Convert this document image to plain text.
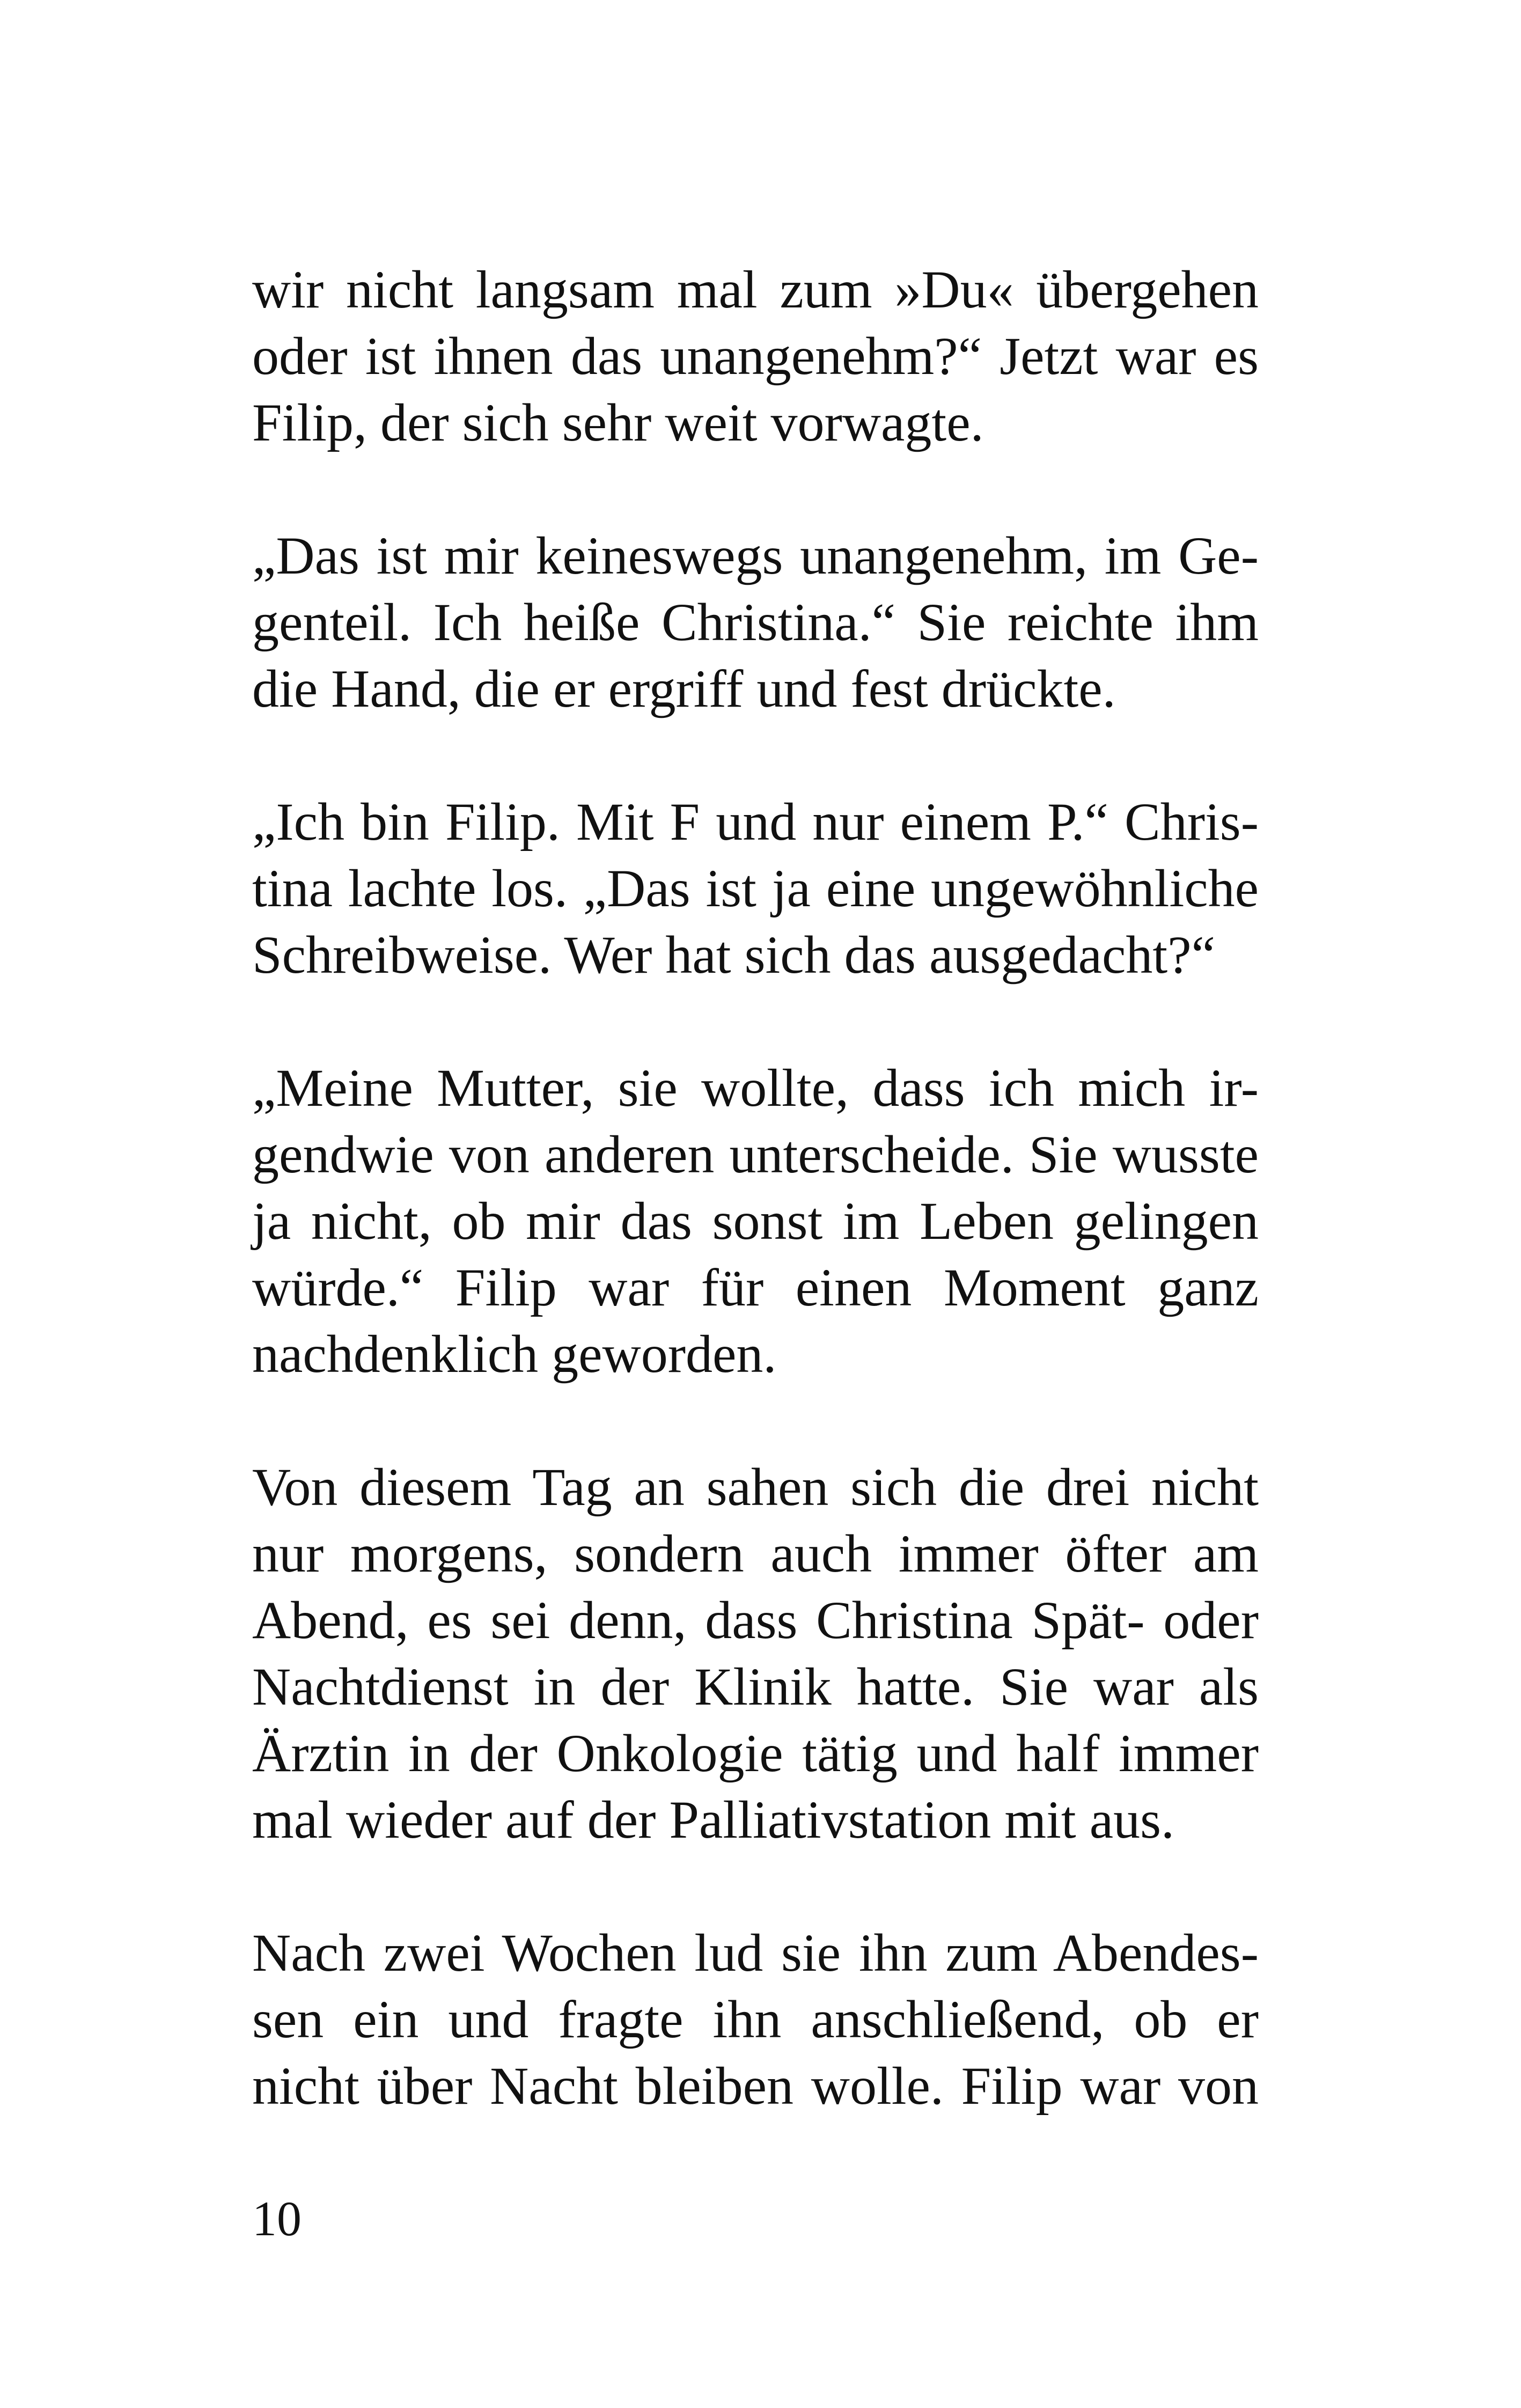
wir nicht langsam mal zum »Du« übergehen
oder ist ihnen das unangenehm?“ Jetzt war es
Filip, der sich sehr weit vorwagte.
„Das ist mir keineswegs unangenehm, im Ge-
genteil. Ich heiße Christina.“ Sie reichte ihm
die Hand, die er ergriff und fest drückte.
„Ich bin Filip. Mit F und nur einem P.“ Chris-
tina lachte los. „Das ist ja eine ungewöhnliche
Schreibweise. Wer hat sich das ausgedacht?“
„Meine Mutter, sie wollte, dass ich mich ir-
gendwie von anderen unterscheide. Sie wusste
ja nicht, ob mir das sonst im Leben gelingen
würde.“ Filip war für einen Moment ganz
nachdenklich geworden.
Von diesem Tag an sahen sich die drei nicht
nur morgens, sondern auch immer öfter am
Abend, es sei denn, dass Christina Spät- oder
Nachtdienst in der Klinik hatte. Sie war als
Ärztin in der Onkologie tätig und half immer
mal wieder auf der Palliativstation mit aus.
Nach zwei Wochen lud sie ihn zum Abendes-
sen ein und fragte ihn anschließend, ob er
nicht über Nacht bleiben wolle. Filip war von
10
